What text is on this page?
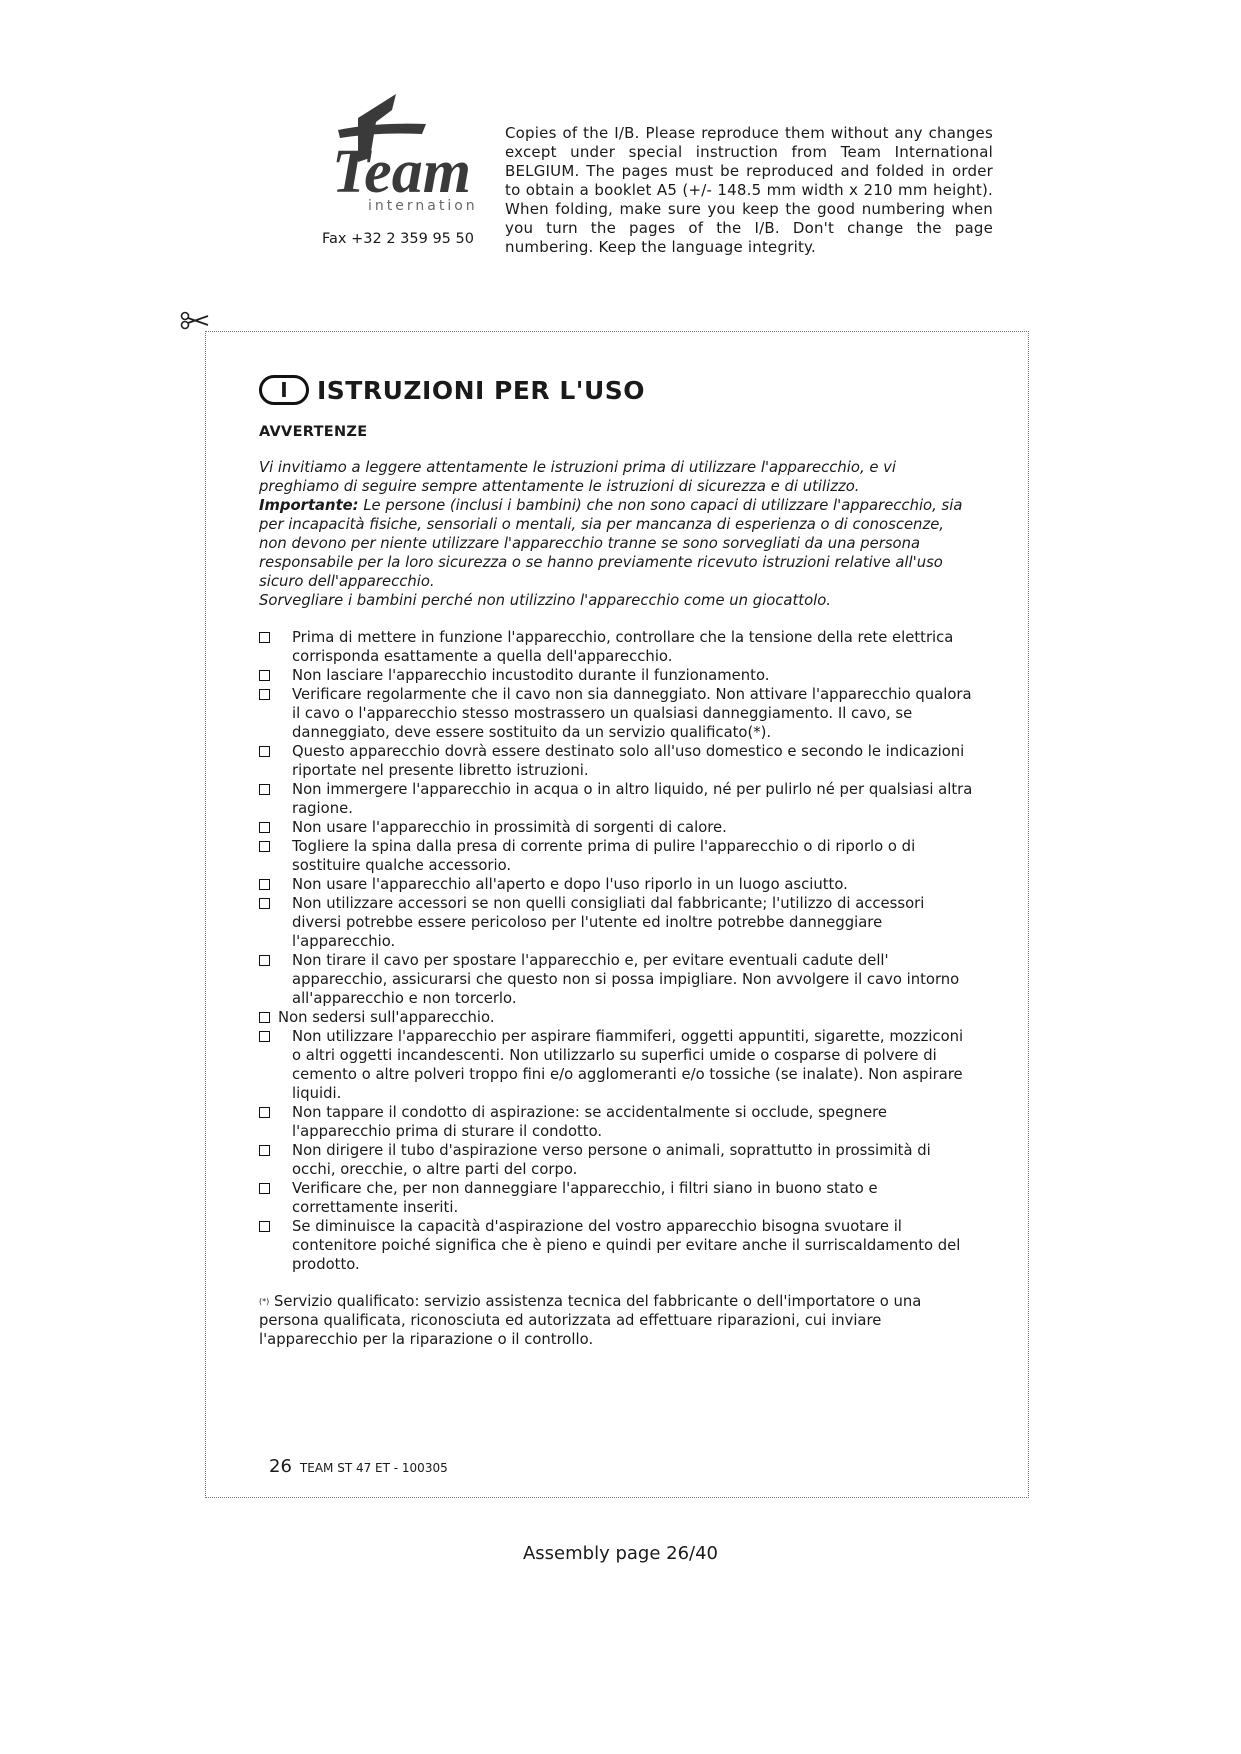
Team
internation
Fax +32 2 359 95 50
Copies of the I/B. Please reproduce them without any changes except under special instruction from Team International BELGIUM. The pages must be reproduced and folded in order to obtain a booklet A5 (+/- 148.5 mm width x 210 mm height). When folding, make sure you keep the good numbering when you turn the pages of the I/B. Don't change the page numbering. Keep the language integrity.
I	ISTRUZIONI PER L'USO
AVVERTENZE

Vi invitiamo a leggere attentamente le istruzioni prima di utilizzare l'apparecchio, e vi preghiamo di seguire sempre attentamente le istruzioni di sicurezza e di utilizzo.

Importante: Le persone (inclusi i bambini) che non sono capaci di utilizzare l'apparecchio, sia per incapacità fisiche, sensoriali o mentali, sia per mancanza di esperienza o di conoscenze, non devono per niente utilizzare l'apparecchio tranne se sono sorvegliati da una persona responsabile per la loro sicurezza o se hanno previamente ricevuto istruzioni relative all'uso sicuro dell'apparecchio.

Sorvegliare i bambini perché non utilizzino l'apparecchio come un giocattolo.

Prima di mettere in funzione l'apparecchio, controllare che la tensione della rete elettrica corrisponda esattamente a quella dell'apparecchio.
Non lasciare l'apparecchio incustodito durante il funzionamento.
Verificare regolarmente che il cavo non sia danneggiato. Non attivare l'apparecchio qualora il cavo o l'apparecchio stesso mostrassero un qualsiasi danneggiamento. Il cavo, se danneggiato, deve essere sostituito da un servizio qualificato(*).
Questo apparecchio dovrà essere destinato solo all'uso domestico e secondo le indicazioni riportate nel presente libretto istruzioni.
Non immergere l'apparecchio in acqua o in altro liquido, né per pulirlo né per qualsiasi altra ragione.
Non usare l'apparecchio in prossimità di sorgenti di calore.
Togliere la spina dalla presa di corrente prima di pulire l'apparecchio o di riporlo o di sostituire qualche accessorio.
Non usare l'apparecchio all'aperto e dopo l'uso riporlo in un luogo asciutto.
Non utilizzare accessori se non quelli consigliati dal fabbricante; l'utilizzo di accessori diversi potrebbe essere pericoloso per l'utente ed inoltre potrebbe danneggiare l'apparecchio.
Non tirare il cavo per spostare l'apparecchio e, per evitare eventuali cadute dell' apparecchio, assicurarsi che questo non si possa impigliare. Non avvolgere il cavo intorno all'apparecchio e non torcerlo.
Non sedersi sull'apparecchio.
Non utilizzare l'apparecchio per aspirare fiammiferi, oggetti appuntiti, sigarette, mozziconi o altri oggetti incandescenti. Non utilizzarlo su superfici umide o cosparse di polvere di cemento o altre polveri troppo fini e/o agglomeranti e/o tossiche (se inalate). Non aspirare liquidi.
Non tappare il condotto di aspirazione: se accidentalmente si occlude, spegnere l'apparecchio prima di sturare il condotto.
Non dirigere il tubo d'aspirazione verso persone o animali, soprattutto in prossimità di occhi, orecchie, o altre parti del corpo.
Verificare che, per non danneggiare l'apparecchio, i filtri siano in buono stato e correttamente inseriti.
Se diminuisce la capacità d'aspirazione del vostro apparecchio bisogna svuotare il contenitore poiché significa che è pieno e quindi per evitare anche il surriscaldamento del prodotto.
(*) Servizio qualificato: servizio assistenza tecnica del fabbricante o dell'importatore o una persona qualificata, riconosciuta ed autorizzata ad effettuare riparazioni, cui inviare l'apparecchio per la riparazione o il controllo.
26 TEAM ST 47 ET - 100305
Assembly page 26/40
